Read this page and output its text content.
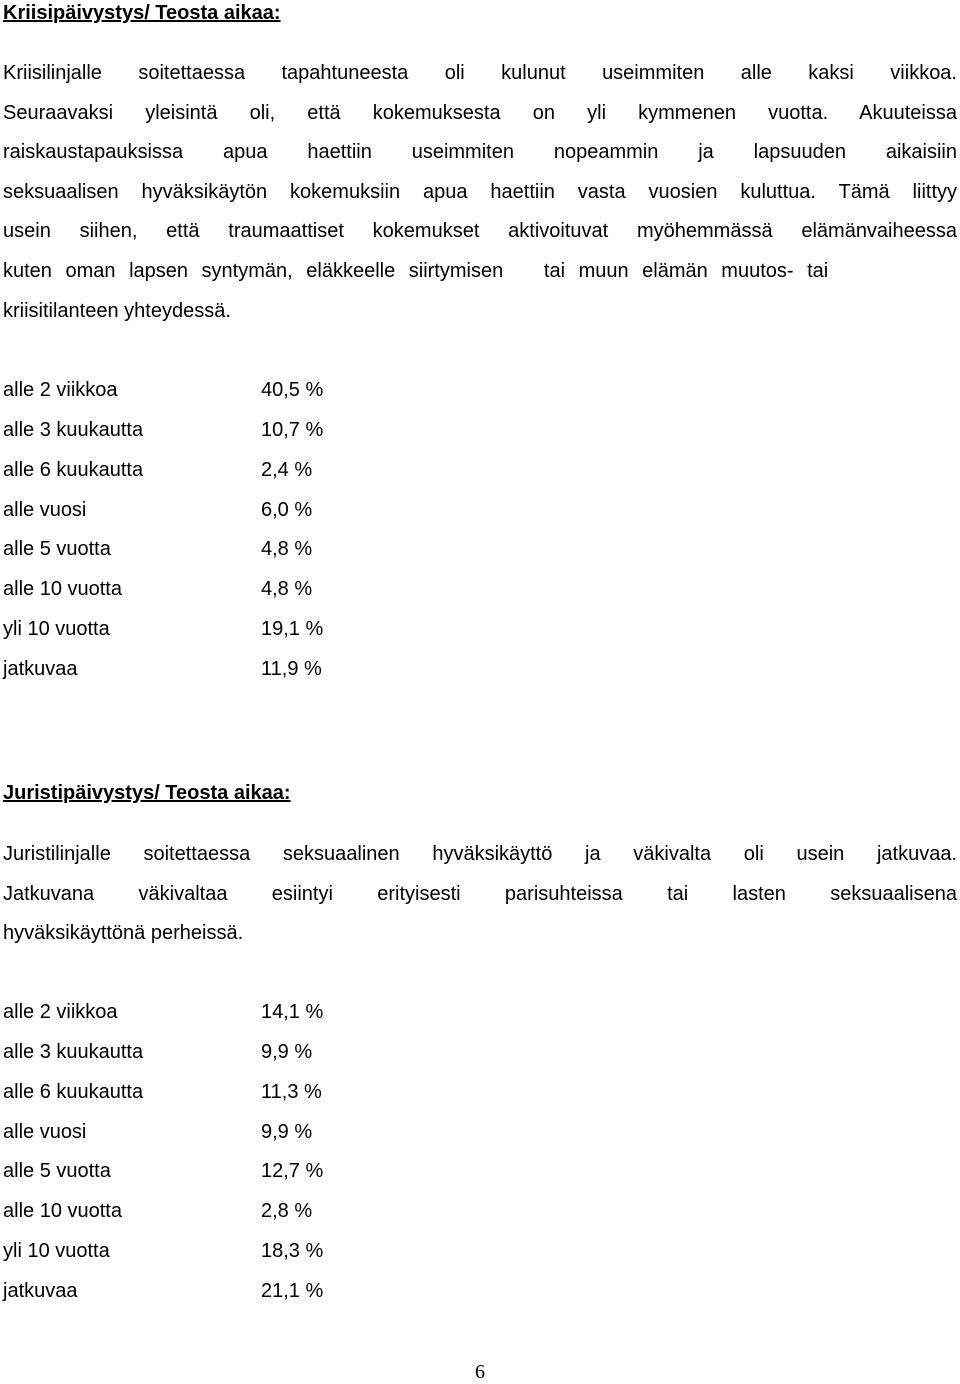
Kriisipäivystys/ Teosta aikaa:
Kriisilinjalle soitettaessa tapahtuneesta oli kulunut useimmiten alle kaksi viikkoa.
Seuraavaksi yleisintä oli, että kokemuksesta on yli kymmenen vuotta. Akuuteissa
raiskaustapauksissa apua haettiin useimmiten nopeammin ja lapsuuden aikaisiin
seksuaalisen hyväksikäytön kokemuksiin apua haettiin vasta vuosien kuluttua. Tämä liittyy
usein siihen, että traumaattiset kokemukset aktivoituvat myöhemmässä elämänvaiheessa
kuten oman lapsen syntymän, eläkkeelle siirtymisen   tai muun elämän muutos- tai
kriisitilanteen yhteydessä.
alle 2 viikkoa	40,5 %
alle 3 kuukautta	10,7 %
alle 6 kuukautta	2,4 %
alle vuosi	6,0 %
alle 5 vuotta	4,8 %
alle 10 vuotta	4,8 %
yli 10 vuotta	19,1 %
jatkuvaa	11,9 %
Juristipäivystys/ Teosta aikaa:
Juristilinjalle soitettaessa seksuaalinen hyväksikäyttö ja väkivalta oli usein jatkuvaa.
Jatkuvana väkivaltaa esiintyi erityisesti parisuhteissa tai lasten seksuaalisena
hyväksikäyttönä perheissä.
alle 2 viikkoa	14,1 %
alle 3 kuukautta	9,9 %
alle 6 kuukautta	11,3 %
alle vuosi	9,9 %
alle 5 vuotta	12,7 %
alle 10 vuotta	2,8 %
yli 10 vuotta	18,3 %
jatkuvaa	21,1 %
6
